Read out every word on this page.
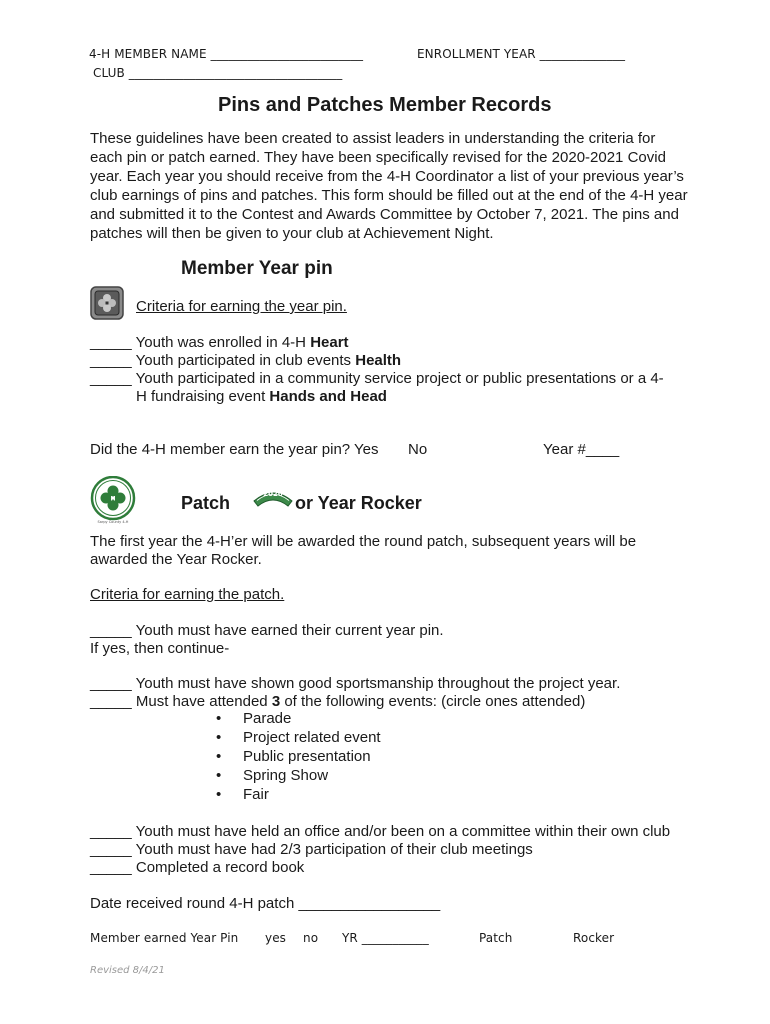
4-H MEMBER NAME _________________________	ENROLLMENT YEAR ______________
CLUB ___________________________________
Pins and Patches Member Records
These guidelines have been created to assist leaders in understanding the criteria for each pin or patch earned. They have been specifically revised for the 2020-2021 Covid year. Each year you should receive from the 4-H Coordinator a list of your previous year’s club earnings of pins and patches. This form should be filled out at the end of the 4-H year and submitted it to the Contest and Awards Committee by October 7, 2021. The pins and patches will then be given to your club at Achievement Night.
Member Year pin
Criteria for earning the year pin.
_____ Youth was enrolled in 4-H Heart
_____ Youth participated in club events Health
_____ Youth participated in a community service project or public presentations or a 4-
H fundraising event Hands and Head
Did the 4-H member earn the year pin? Yes No	Year #____
H
Sarpy County 4-H
Patch	2020 or Year Rocker
The first year the 4-H’er will be awarded the round patch, subsequent years will be
awarded the Year Rocker.
Criteria for earning the patch.
_____ Youth must have earned their current year pin.
If yes, then continue-
_____ Youth must have shown good sportsmanship throughout the project year.
_____ Must have attended 3 of the following events: (circle ones attended)
• Parade
• Project related event
• Public presentation
• Spring Show
• Fair
_____ Youth must have held an office and/or been on a committee within their own club
_____ Youth must have had 2/3 participation of their club meetings
_____ Completed a record book
Date received round 4-H patch _________________
Member earned Year Pin yes no YR ___________	Patch	Rocker
Revised 8/4/21
